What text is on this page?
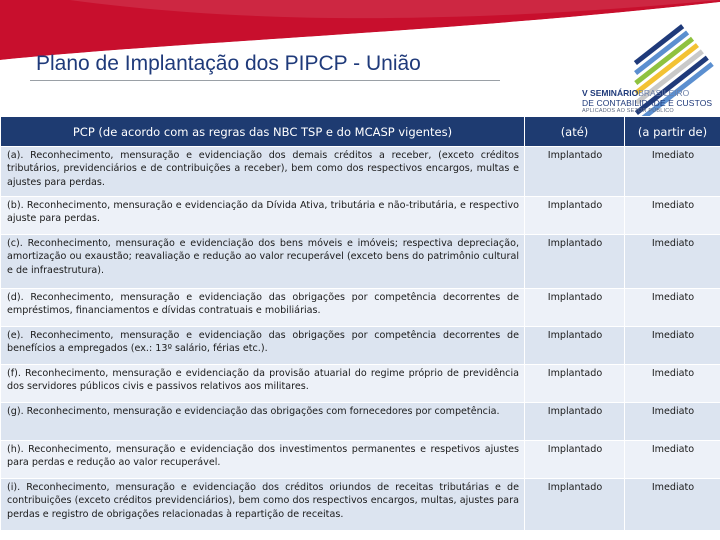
Plano de Implantação dos PIPCP - União
V SEMINÁRIOBRASILEIRO
DE CONTABILIDADE E CUSTOS
APLICADOS AO SETOR PÚBLICO
PCP (de acordo com as regras das NBC TSP e do MCASP vigentes)	(até)	(a partir de)
(a). Reconhecimento, mensuração e evidenciação dos demais créditos a receber, (exceto créditos tributários, previdenciários e de contribuições a receber), bem como dos respectivos encargos, multas e ajustes para perdas.	Implantado	Imediato
(b). Reconhecimento, mensuração e evidenciação da Dívida Ativa, tributária e não-tributária, e respectivo ajuste para perdas.	Implantado	Imediato
(c). Reconhecimento, mensuração e evidenciação dos bens móveis e imóveis; respectiva depreciação, amortização ou exaustão; reavaliação e redução ao valor recuperável (exceto bens do patrimônio cultural e de infraestrutura).	Implantado	Imediato
(d). Reconhecimento, mensuração e evidenciação das obrigações por competência decorrentes de empréstimos, financiamentos e dívidas contratuais e mobiliárias.	Implantado	Imediato
(e). Reconhecimento, mensuração e evidenciação das obrigações por competência decorrentes de benefícios a empregados (ex.: 13º salário, férias etc.).	Implantado	Imediato
(f). Reconhecimento, mensuração e evidenciação da provisão atuarial do regime próprio de previdência dos servidores públicos civis e passivos relativos aos militares.	Implantado	Imediato
(g). Reconhecimento, mensuração e evidenciação das obrigações com fornecedores por competência.	Implantado	Imediato
(h). Reconhecimento, mensuração e evidenciação dos investimentos permanentes e respetivos ajustes para perdas e redução ao valor recuperável.	Implantado	Imediato
(i). Reconhecimento, mensuração e evidenciação dos créditos oriundos de receitas tributárias e de contribuições (exceto créditos previdenciários), bem como dos respectivos encargos, multas, ajustes para perdas e registro de obrigações relacionadas à repartição de receitas.	Implantado	Imediato
